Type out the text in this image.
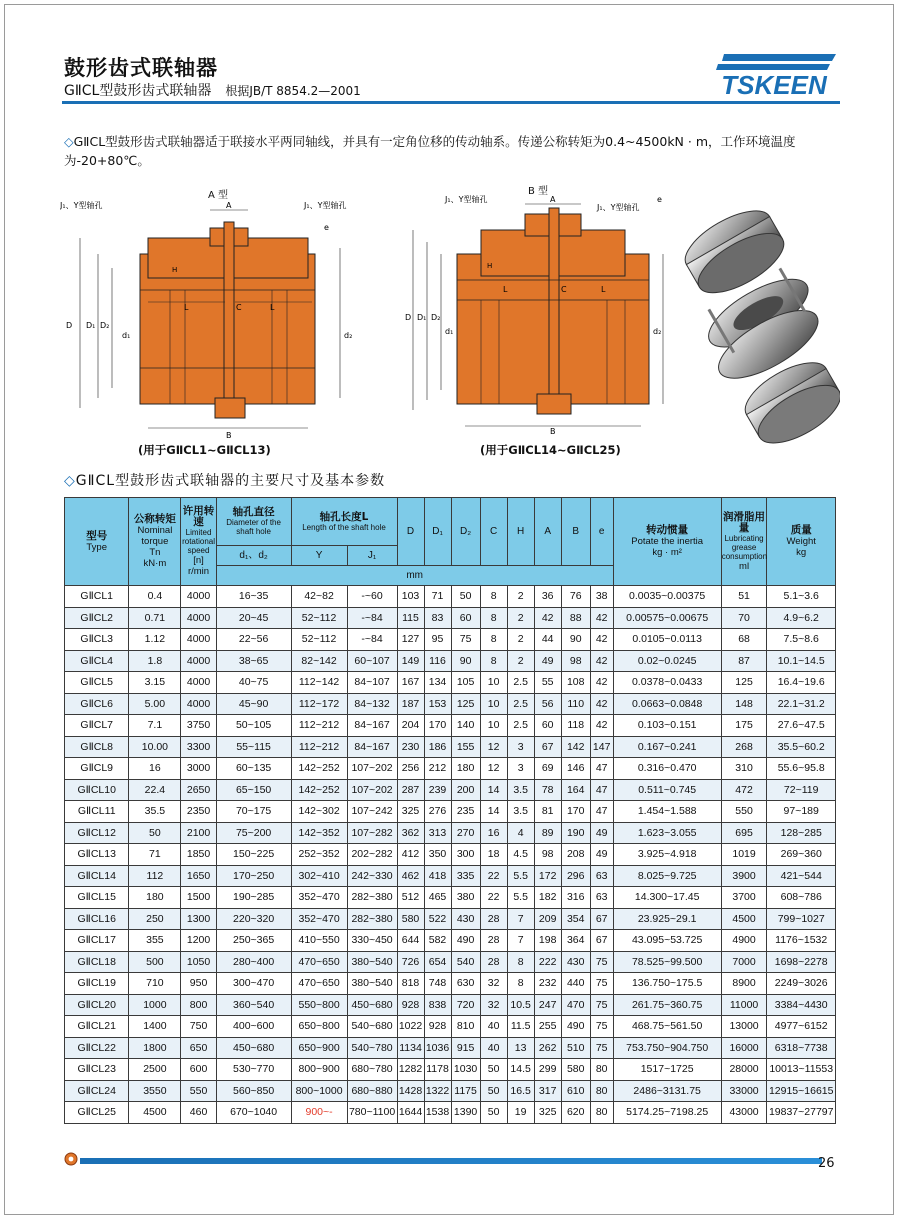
鼓形齿式联轴器
GⅡCL型鼓形齿式联轴器 根据JB/T 8854.2—2001	TSKEEN
◇GⅡCL型鼓形齿式联轴器适于联接水平两同轴线，并具有一定角位移的传动轴系。传递公称转矩为0.4~4500kN · m，工作环境温度为-20+80℃。
A 型
J₁、Y型轴孔	J₁、Y型轴孔
A
B
L	L
C
e
D D₁ D₂
H
d₁	d₂
(用于GⅡCL1~GⅡCL13)
B 型
J₁、Y型轴孔
J₁、Y型轴孔
A
B
L	L
C
e
D D₁ D₂
H
d₁	d₂
(用于GⅡCL14~GⅡCL25)
◇GⅡCL型鼓形齿式联轴器的主要尺寸及基本参数
型号
Type	公称转矩
Nominal torque
Tn
kN·m	许用转速
Limited rotational speed
[n]
r/min	轴孔直径
Diameter of the shaft hole	轴孔长度L
Length of the shaft hole		D	D₁	D₂	C	H	A	B	e	转动惯量
Potate the inertia
kg · m²	润滑脂用量
Lubricating grease consumption
ml	质量
Weight
kg

			d₁、d₂	Y	J₁											
			mm													
GⅡCL1	0.4	4000	16~35	42~82	-~60	103	71	50	8	2	36	76	38	0.0035~0.00375	51	5.1~3.6
GⅡCL2	0.71	4000	20~45	52~112	-~84	115	83	60	8	2	42	88	42	0.00575~0.00675	70	4.9~6.2
GⅡCL3	1.12	4000	22~56	52~112	-~84	127	95	75	8	2	44	90	42	0.0105~0.0113	68	7.5~8.6
GⅡCL4	1.8	4000	38~65	82~142	60~107	149	116	90	8	2	49	98	42	0.02~0.0245	87	10.1~14.5
GⅡCL5	3.15	4000	40~75	112~142	84~107	167	134	105	10	2.5	55	108	42	0.0378~0.0433	125	16.4~19.6
GⅡCL6	5.00	4000	45~90	112~172	84~132	187	153	125	10	2.5	56	110	42	0.0663~0.0848	148	22.1~31.2
GⅡCL7	7.1	3750	50~105	112~212	84~167	204	170	140	10	2.5	60	118	42	0.103~0.151	175	27.6~47.5
GⅡCL8	10.00	3300	55~115	112~212	84~167	230	186	155	12	3	67	142	147	0.167~0.241	268	35.5~60.2
GⅡCL9	16	3000	60~135	142~252	107~202	256	212	180	12	3	69	146	47	0.316~0.470	310	55.6~95.8
GⅡCL10	22.4	2650	65~150	142~252	107~202	287	239	200	14	3.5	78	164	47	0.511~0.745	472	72~119
GⅡCL11	35.5	2350	70~175	142~302	107~242	325	276	235	14	3.5	81	170	47	1.454~1.588	550	97~189
GⅡCL12	50	2100	75~200	142~352	107~282	362	313	270	16	4	89	190	49	1.623~3.055	695	128~285
GⅡCL13	71	1850	150~225	252~352	202~282	412	350	300	18	4.5	98	208	49	3.925~4.918	1019	269~360
GⅡCL14	112	1650	170~250	302~410	242~330	462	418	335	22	5.5	172	296	63	8.025~9.725	3900	421~544
GⅡCL15	180	1500	190~285	352~470	282~380	512	465	380	22	5.5	182	316	63	14.300~17.45	3700	608~786
GⅡCL16	250	1300	220~320	352~470	282~380	580	522	430	28	7	209	354	67	23.925~29.1	4500	799~1027
GⅡCL17	355	1200	250~365	410~550	330~450	644	582	490	28	7	198	364	67	43.095~53.725	4900	1176~1532
GⅡCL18	500	1050	280~400	470~650	380~540	726	654	540	28	8	222	430	75	78.525~99.500	7000	1698~2278
GⅡCL19	710	950	300~470	470~650	380~540	818	748	630	32	8	232	440	75	136.750~175.5	8900	2249~3026
GⅡCL20	1000	800	360~540	550~800	450~680	928	838	720	32	10.5	247	470	75	261.75~360.75	11000	3384~4430
GⅡCL21	1400	750	400~600	650~800	540~680	1022	928	810	40	11.5	255	490	75	468.75~561.50	13000	4977~6152
GⅡCL22	1800	650	450~680	650~900	540~780	1134	1036	915	40	13	262	510	75	753.750~904.750	16000	6318~7738
GⅡCL23	2500	600	530~770	800~900	680~780	1282	1178	1030	50	14.5	299	580	80	1517~1725	28000	10013~11553
GⅡCL24	3550	550	560~850	800~1000	680~880	1428	1322	1175	50	16.5	317	610	80	2486~3131.75	33000	12915~16615
GⅡCL25	4500	460	670~1040	900~-	780~1100	1644	1538	1390	50	19	325	620	80	5174.25~7198.25	43000	19837~27797
26
